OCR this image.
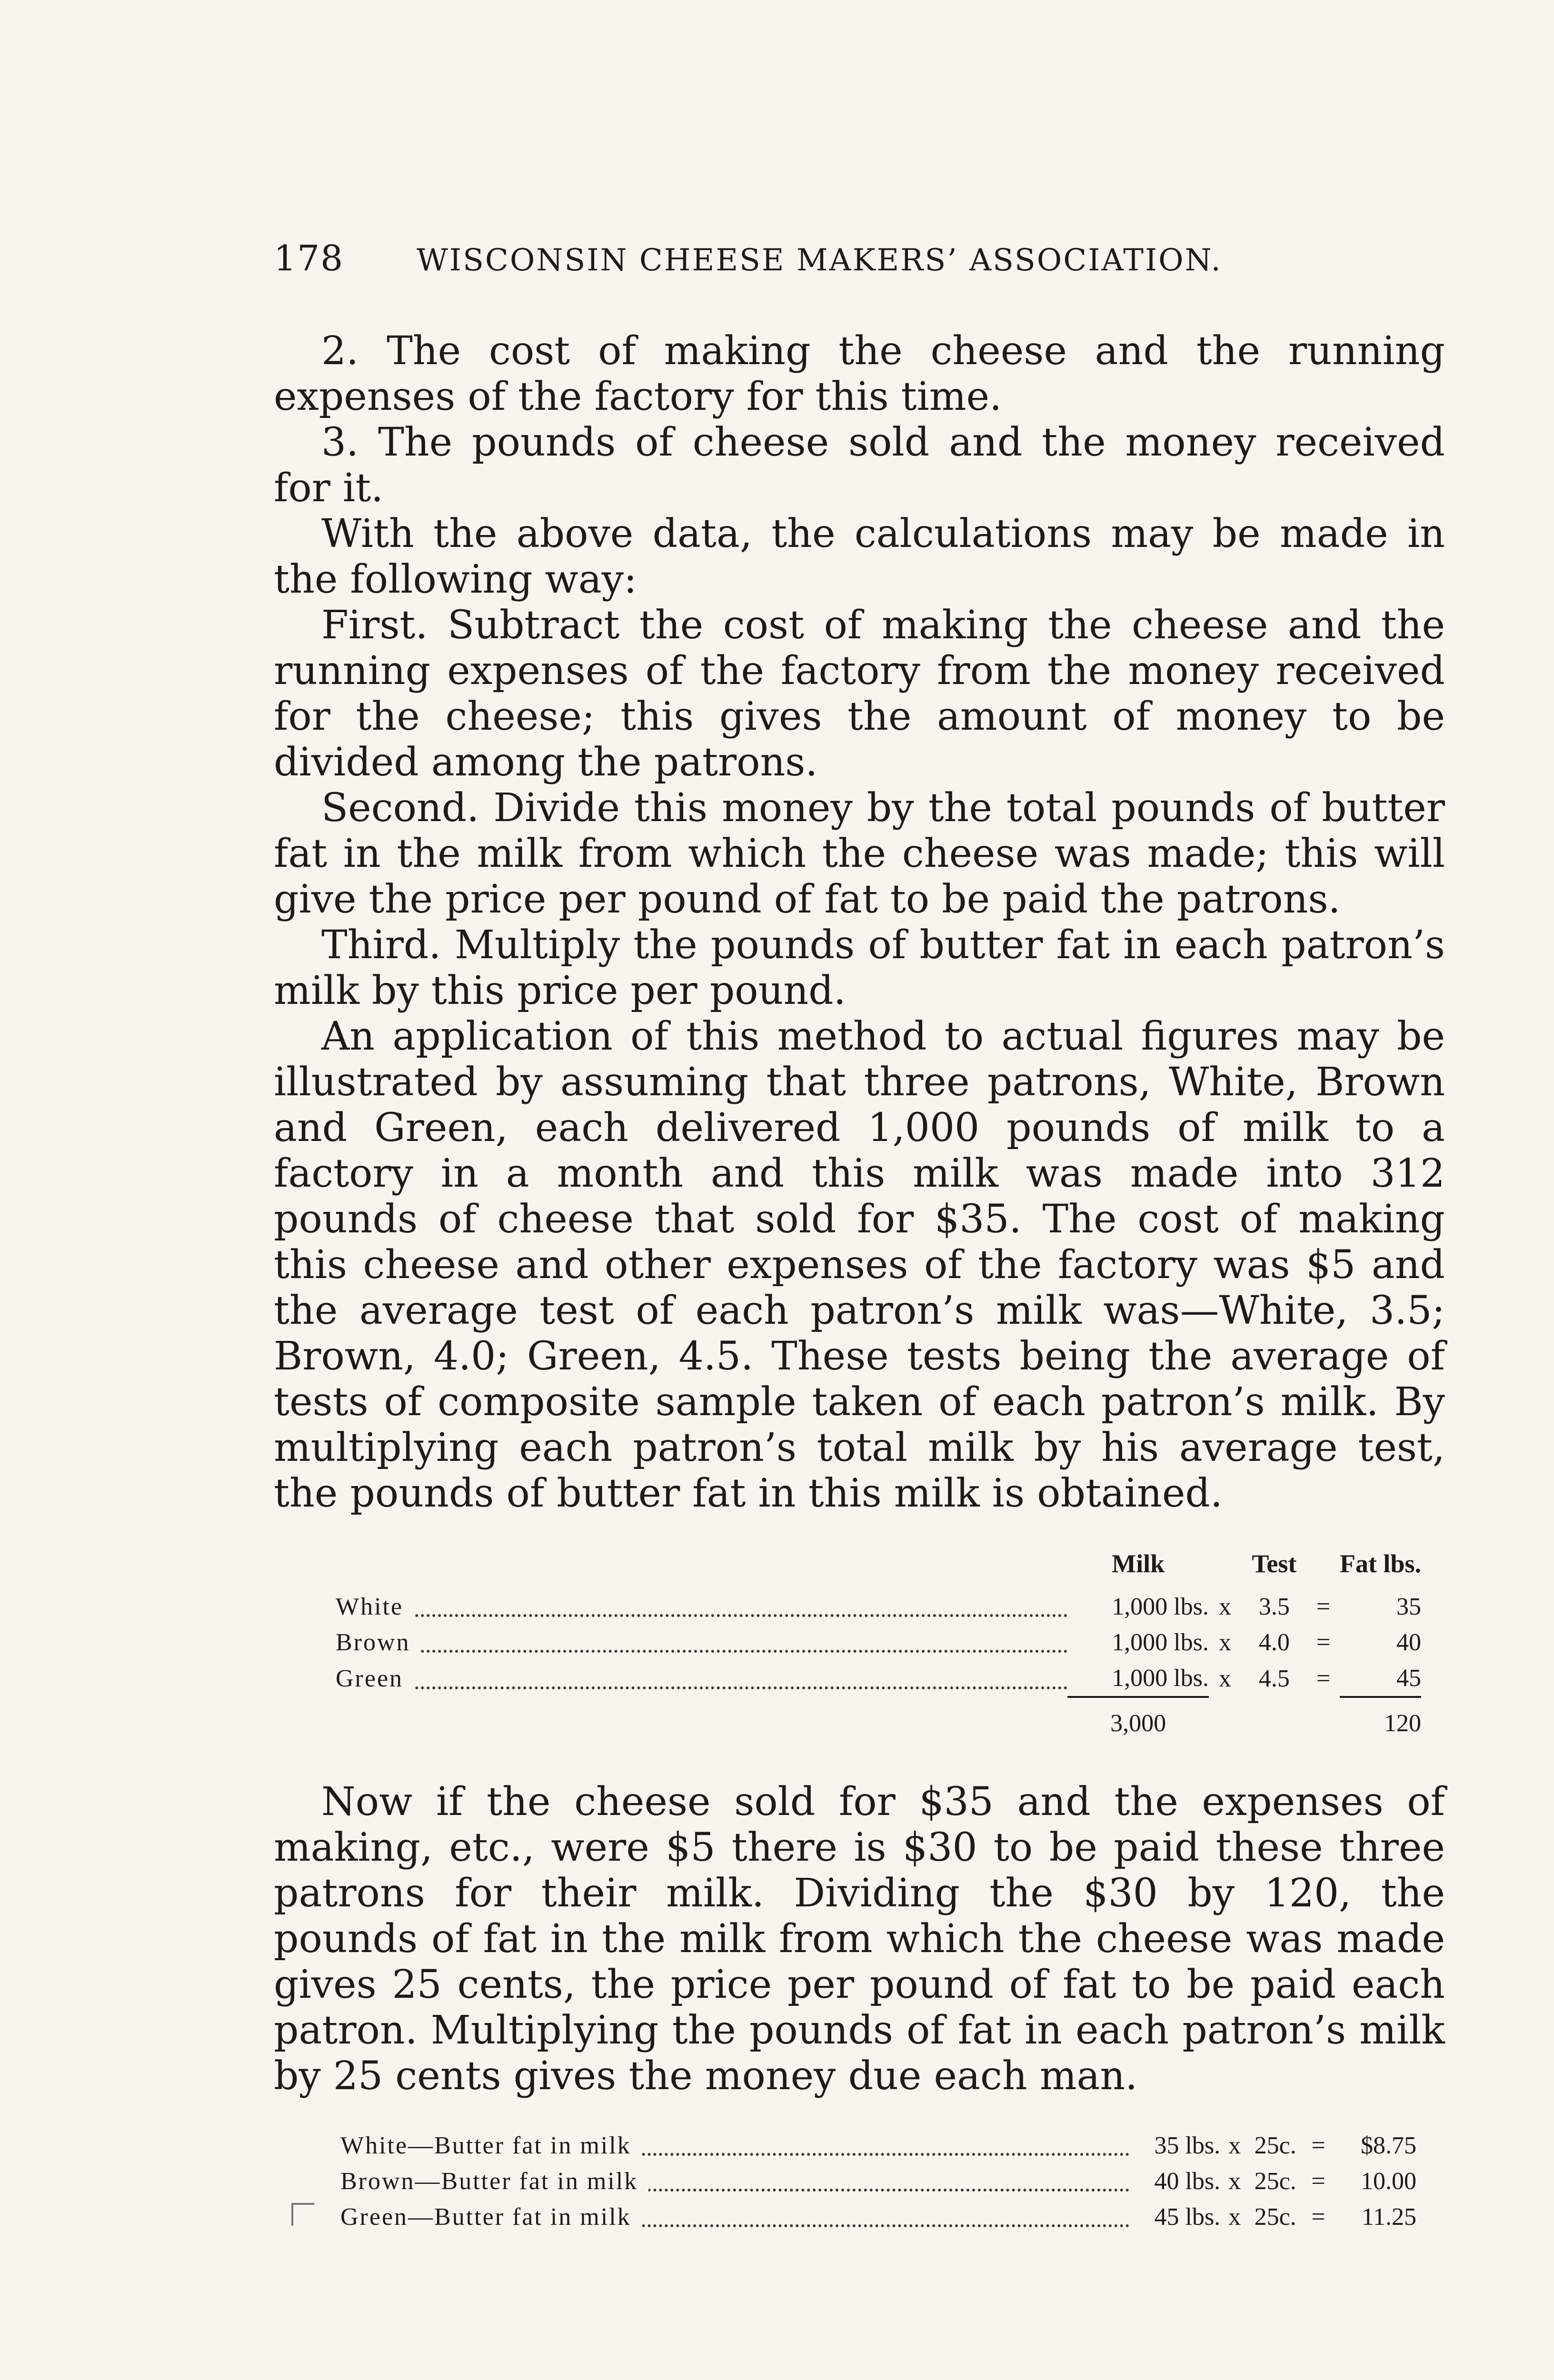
178 WISCONSIN CHEESE MAKERS’ ASSOCIATION.

2. The cost of making the cheese and the running expenses of the factory for this time.

3. The pounds of cheese sold and the money received for it.

With the above data, the calculations may be made in the following way:

First. Subtract the cost of making the cheese and the running expenses of the factory from the money received for the cheese; this gives the amount of money to be divided among the patrons.

Second. Divide this money by the total pounds of butter fat in the milk from which the cheese was made; this will give the price per pound of fat to be paid the patrons.

Third. Multiply the pounds of butter fat in each patron’s milk by this price per pound.

An application of this method to actual figures may be illustrated by assuming that three patrons, White, Brown and Green, each delivered 1,000 pounds of milk to a factory in a month and this milk was made into 312 pounds of cheese that sold for $35. The cost of making this cheese and other expenses of the factory was $5 and the average test of each patron’s milk was—White, 3.5; Brown, 4.0; Green, 4.5. These tests being the average of tests of composite sample taken of each patron’s milk. By multiplying each patron’s total milk by his average test, the pounds of butter fat in this milk is obtained.

	Milk		Test		Fat lbs.

White	1,000 lbs.	x	3.5	=	35

Brown	1,000 lbs.	x	4.0	=	40

Green	1,000 lbs.	x	4.5	=	45
	3,000				120

Now if the cheese sold for $35 and the expenses of making, etc., were $5 there is $30 to be paid these three patrons for their milk. Dividing the $30 by 120, the pounds of fat in the milk from which the cheese was made gives 25 cents, the price per pound of fat to be paid each patron. Multiplying the pounds of fat in each patron’s milk by 25 cents gives the money due each man.

White—Butter fat in milk	35 lbs.	x	25c.	=	$8.75

Brown—Butter fat in milk	40 lbs.	x	25c.	=	10.00

Green—Butter fat in milk	45 lbs.	x	25c.	=	11.25
